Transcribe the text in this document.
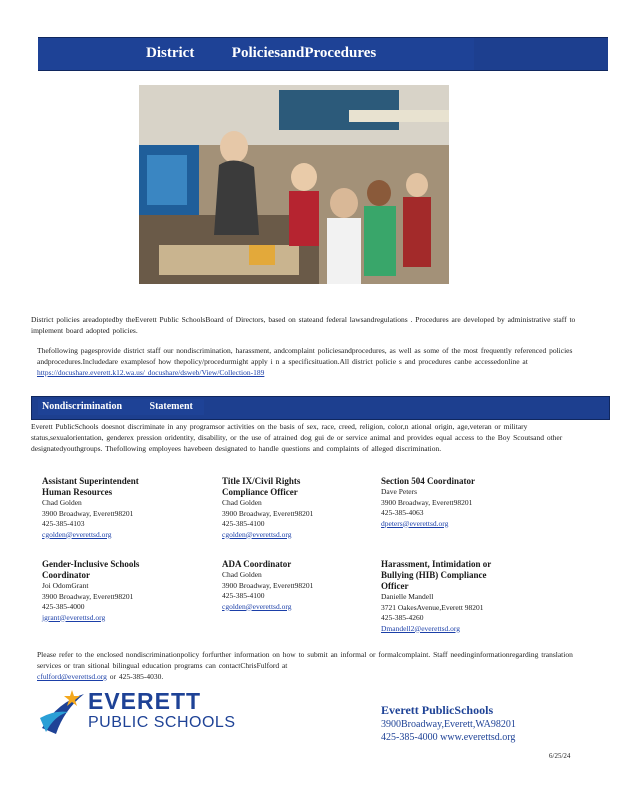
District          PoliciesandProcedures
District policies areadoptedby theEverett Public SchoolsBoard of Directors, based on stateand federal lawsandregulations . Procedures are developed by administrative staff to implement board adopted policies.
Thefollowing pagesprovide district staff our nondiscrimination, harassment, andcomplaint policiesandprocedures, as well as some of the most frequently referenced policies andprocedures.Includedare examplesof how thepolicy/procedurmight apply i n a specificsituation.All district policie s and procedures canbe accessedonline at
https://docushare.everett.k12.wa.us/ docushare/dsweb/View/Collection-189
Nondiscrimination           Statement
Everett PublicSchools doesnot discriminate in any programsor activities on the basis of sex, race, creed, religion, color,n ational origin, age,veteran or military status,sexualorientation, genderex pression oridentity, disability, or the use of atrained dog gui de or service animal and provides equal access to the Boy Scoutsand other designatedyouthgroups. Thefollowing employees havebeen designated to handle questions and complaints of alleged discrimination.
Assistant Superintendent
Human Resources
Chad Golden
3900 Broadway, Everett98201
425-385-4103
cgolden@everettsd.org
Title IX/Civil Rights
Compliance Officer
Chad Golden
3900 Broadway, Everett98201
425-385-4100
cgolden@everettsd.org
Section 504 Coordinator
Dave Peters
3900 Broadway, Everett98201
425-385-4063
dpeters@everettsd.org
Gender-Inclusive Schools
Coordinator
Joi OdomGrant
3900 Broadway, Everett98201
425-385-4000
jgrant@everettsd.org
ADA Coordinator
Chad Golden
3900 Broadway, Everett98201
425-385-4100
cgolden@everettsd.org
Harassment, Intimidation or
Bullying (HIB) Compliance
Officer
Danielle Mandell
3721 OakesAvenue,Everett 98201
425-385-4260
Dmandell2@everettsd.org
Please refer to the enclosed nondiscriminationpolicy forfurther information on how to submit an informal or formalcomplaint. Staff needinginformationregarding translation services or tran sitional bilingual education programs can contactChrisFulford at
cfulford@everettsd.org or 425-385-4030.
EVERETT
PUBLIC SCHOOLS
Everett PublicSchools
3900Broadway,Everett,WA98201
425-385-4000 www.everettsd.org
6/25/24
